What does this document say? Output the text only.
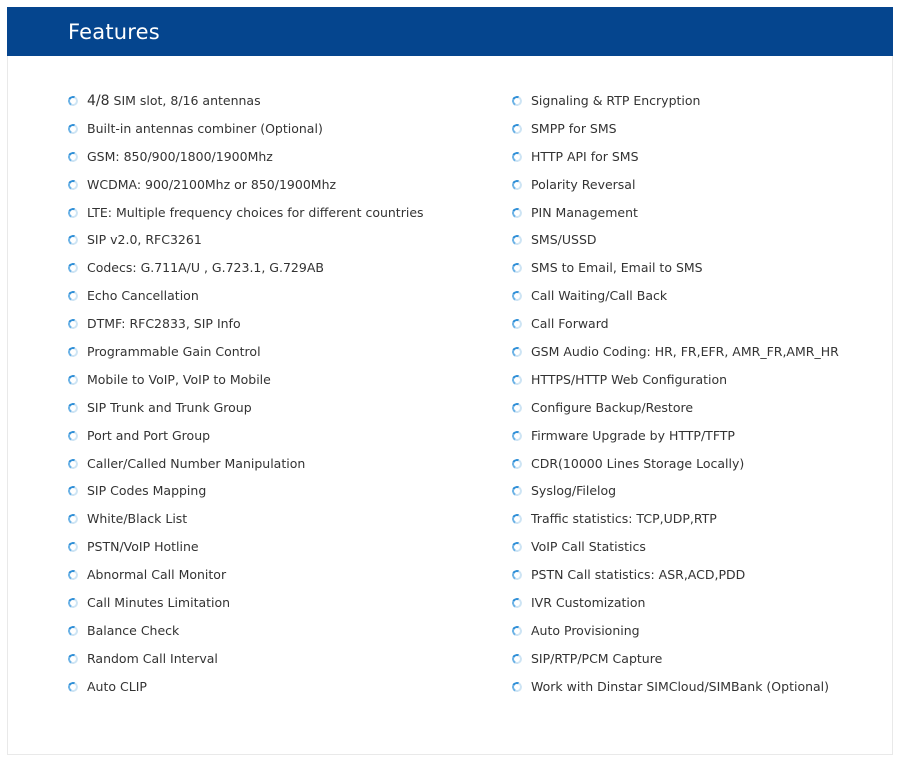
Features
4/8 SIM slot, 8/16 antennas
Built-in antennas combiner (Optional)
GSM: 850/900/1800/1900Mhz
WCDMA: 900/2100Mhz or 850/1900Mhz
LTE: Multiple frequency choices for different countries
SIP v2.0, RFC3261
Codecs: G.711A/U , G.723.1, G.729AB
Echo Cancellation
DTMF: RFC2833, SIP Info
Programmable Gain Control
Mobile to VoIP, VoIP to Mobile
SIP Trunk and Trunk Group
Port and Port Group
Caller/Called Number Manipulation
SIP Codes Mapping
White/Black List
PSTN/VoIP Hotline
Abnormal Call Monitor
Call Minutes Limitation
Balance Check
Random Call Interval
Auto CLIP
Signaling & RTP Encryption
SMPP for SMS
HTTP API for SMS
Polarity Reversal
PIN Management
SMS/USSD
SMS to Email, Email to SMS
Call Waiting/Call Back
Call Forward
GSM Audio Coding: HR, FR,EFR, AMR_FR,AMR_HR
HTTPS/HTTP Web Configuration
Configure Backup/Restore
Firmware Upgrade by HTTP/TFTP
CDR(10000 Lines Storage Locally)
Syslog/Filelog
Traffic statistics: TCP,UDP,RTP
VoIP Call Statistics
PSTN Call statistics: ASR,ACD,PDD
IVR Customization
Auto Provisioning
SIP/RTP/PCM Capture
Work with Dinstar SIMCloud/SIMBank (Optional)
